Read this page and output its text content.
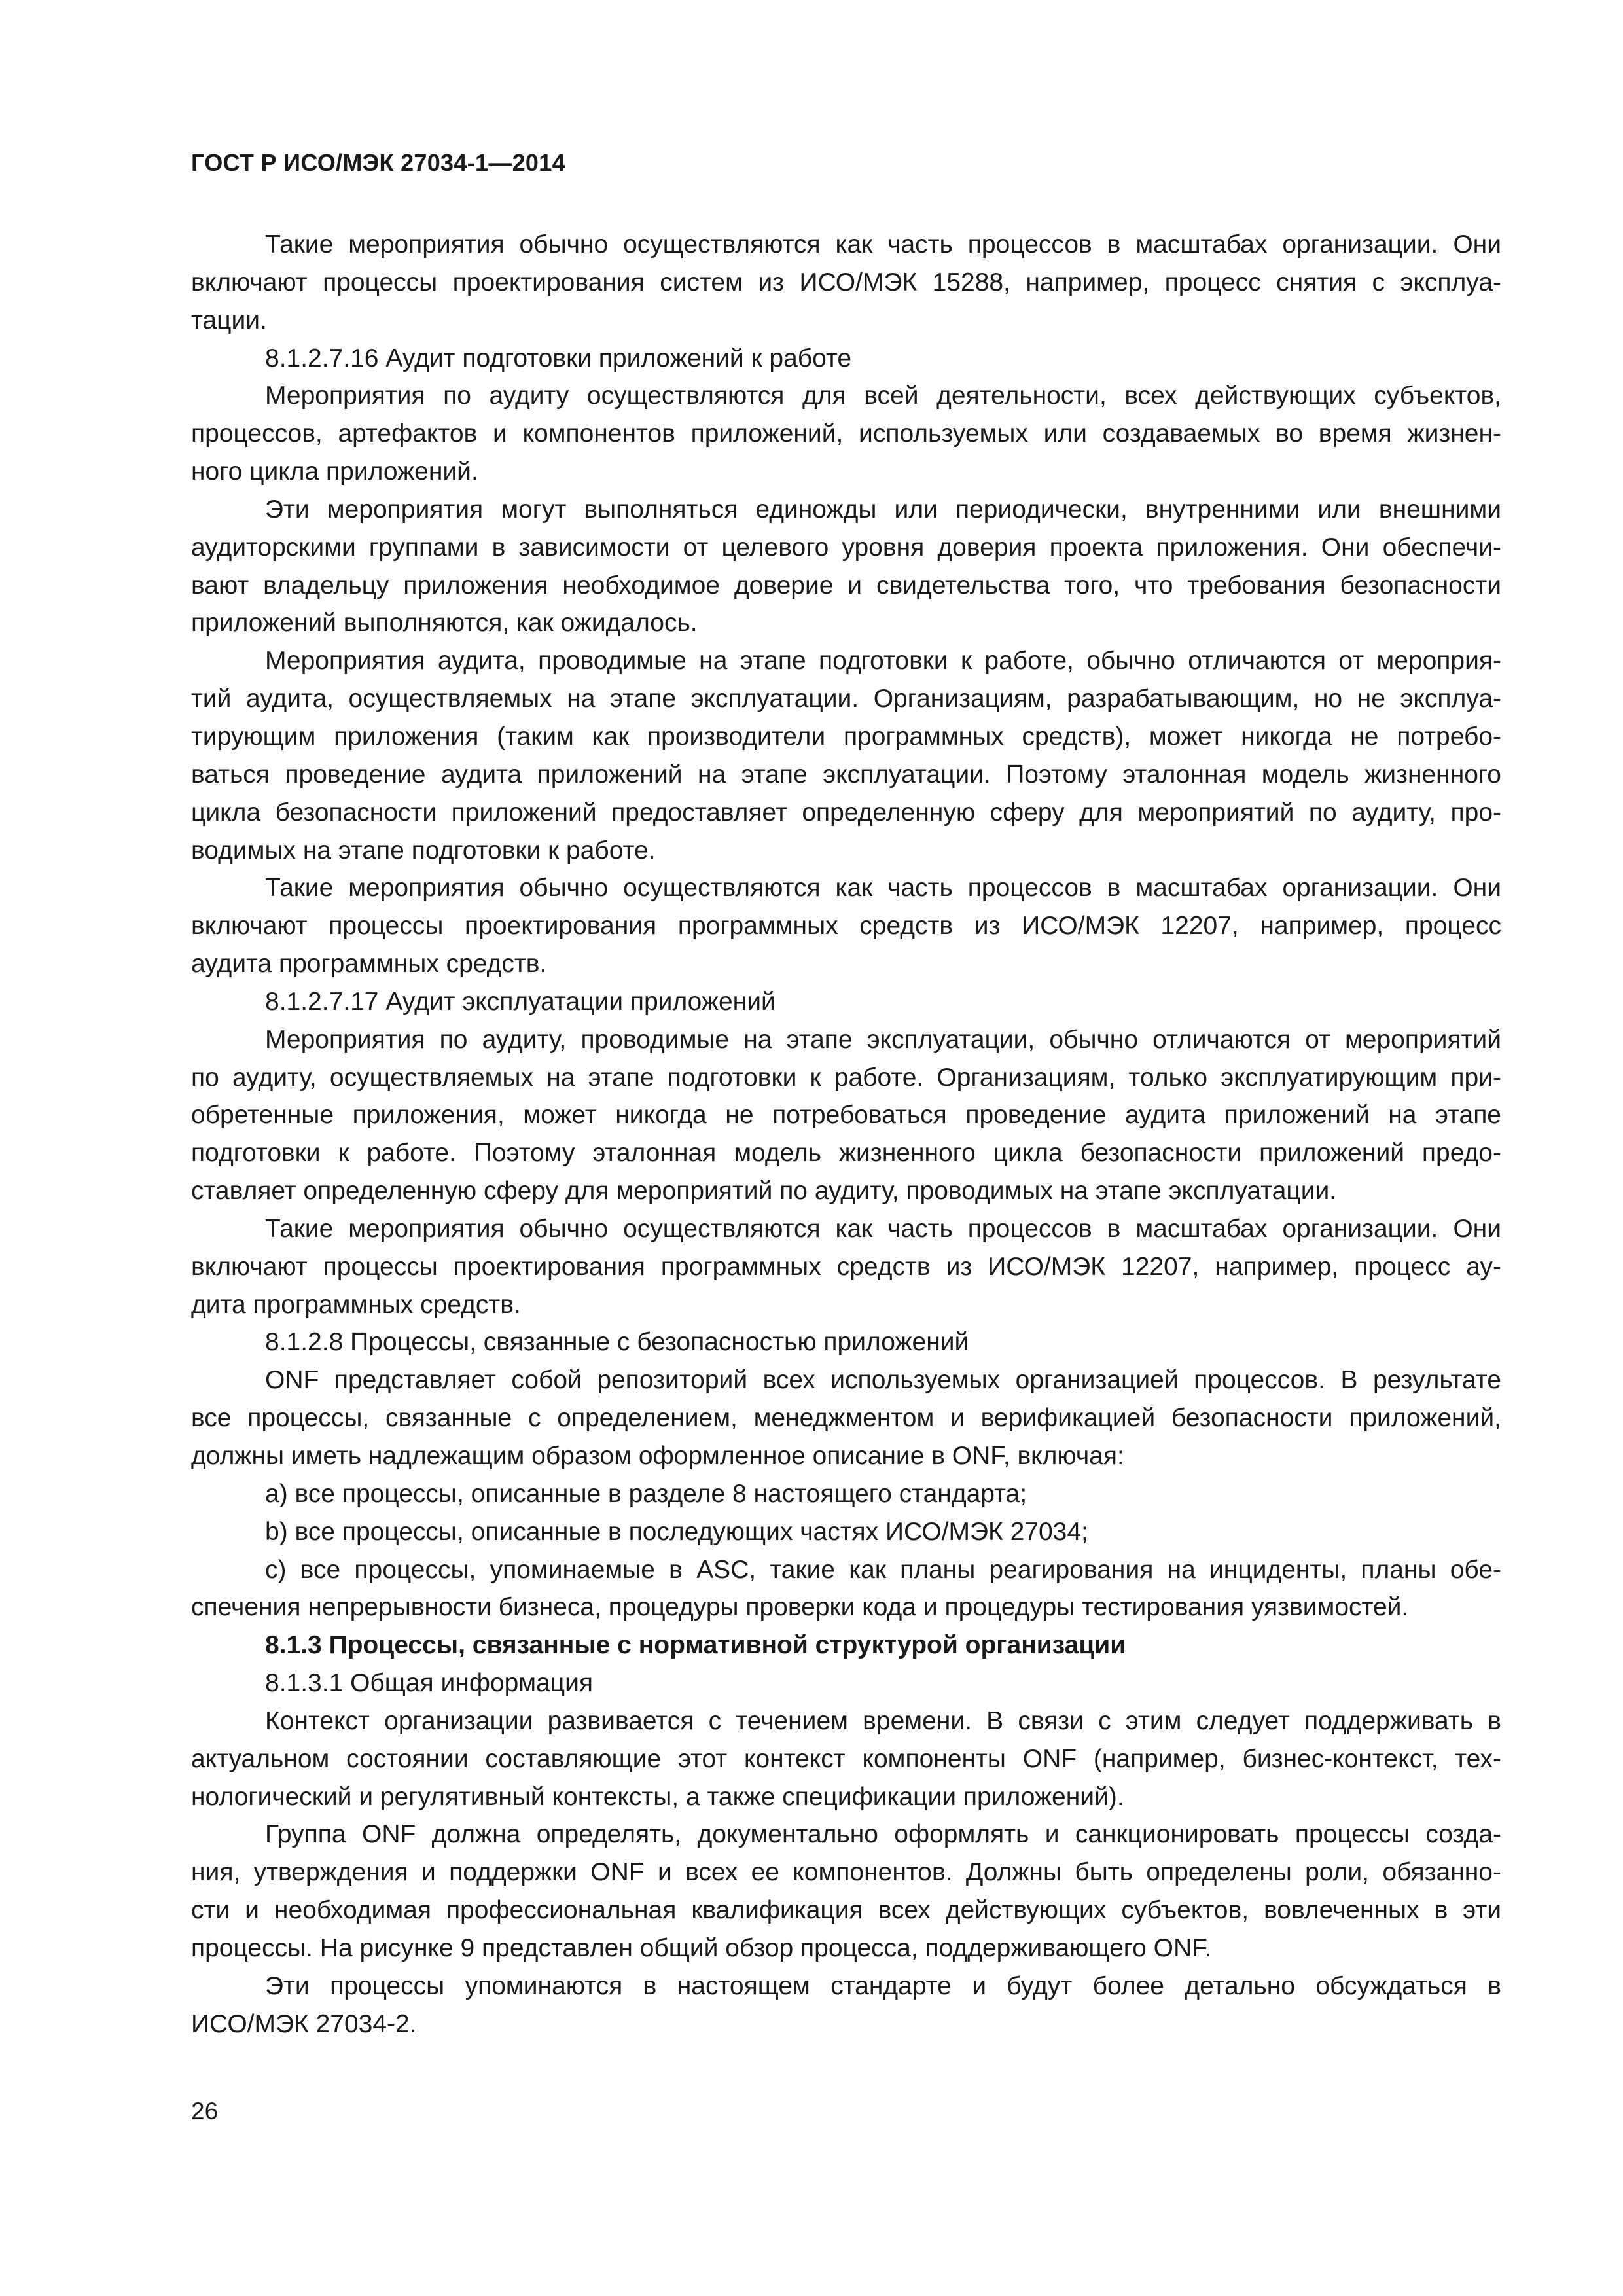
ГОСТ Р ИСО/МЭК 27034-1—2014
Такие мероприятия обычно осуществляются как часть процессов в масштабах организации. Они
включают процессы проектирования систем из ИСО/МЭК 15288, например, процесс снятия с эксплуа-
тации.
8.1.2.7.16 Аудит подготовки приложений к работе
Мероприятия по аудиту осуществляются для всей деятельности, всех действующих субъектов,
процессов, артефактов и компонентов приложений, используемых или создаваемых во время жизнен-
ного цикла приложений.
Эти мероприятия могут выполняться единожды или периодически, внутренними или внешними
аудиторскими группами в зависимости от целевого уровня доверия проекта приложения. Они обеспечи-
вают владельцу приложения необходимое доверие и свидетельства того, что требования безопасности
приложений выполняются, как ожидалось.
Мероприятия аудита, проводимые на этапе подготовки к работе, обычно отличаются от мероприя-
тий аудита, осуществляемых на этапе эксплуатации. Организациям, разрабатывающим, но не эксплуа-
тирующим приложения (таким как производители программных средств), может никогда не потребо-
ваться проведение аудита приложений на этапе эксплуатации. Поэтому эталонная модель жизненного
цикла безопасности приложений предоставляет определенную сферу для мероприятий по аудиту, про-
водимых на этапе подготовки к работе.
Такие мероприятия обычно осуществляются как часть процессов в масштабах организации. Они
включают процессы проектирования программных средств из ИСО/МЭК 12207, например, процесс
аудита программных средств.
8.1.2.7.17 Аудит эксплуатации приложений
Мероприятия по аудиту, проводимые на этапе эксплуатации, обычно отличаются от мероприятий
по аудиту, осуществляемых на этапе подготовки к работе. Организациям, только эксплуатирующим при-
обретенные приложения, может никогда не потребоваться проведение аудита приложений на этапе
подготовки к работе. Поэтому эталонная модель жизненного цикла безопасности приложений предо-
ставляет определенную сферу для мероприятий по аудиту, проводимых на этапе эксплуатации.
Такие мероприятия обычно осуществляются как часть процессов в масштабах организации. Они
включают процессы проектирования программных средств из ИСО/МЭК 12207, например, процесс ау-
дита программных средств.
8.1.2.8 Процессы, связанные с безопасностью приложений
ONF представляет собой репозиторий всех используемых организацией процессов. В результате
все процессы, связанные с определением, менеджментом и верификацией безопасности приложений,
должны иметь надлежащим образом оформленное описание в ONF, включая:
a) все процессы, описанные в разделе 8 настоящего стандарта;
b) все процессы, описанные в последующих частях ИСО/МЭК 27034;
c) все процессы, упоминаемые в ASC, такие как планы реагирования на инциденты, планы обе-
спечения непрерывности бизнеса, процедуры проверки кода и процедуры тестирования уязвимостей.
8.1.3 Процессы, связанные с нормативной структурой организации
8.1.3.1 Общая информация
Контекст организации развивается с течением времени. В связи с этим следует поддерживать в
актуальном состоянии составляющие этот контекст компоненты ONF (например, бизнес-контекст, тех-
нологический и регулятивный контексты, а также спецификации приложений).
Группа ONF должна определять, документально оформлять и санкционировать процессы созда-
ния, утверждения и поддержки ONF и всех ее компонентов. Должны быть определены роли, обязанно-
сти и необходимая профессиональная квалификация всех действующих субъектов, вовлеченных в эти
процессы. На рисунке 9 представлен общий обзор процесса, поддерживающего ONF.
Эти процессы упоминаются в настоящем стандарте и будут более детально обсуждаться в
ИСО/МЭК 27034-2.
26
